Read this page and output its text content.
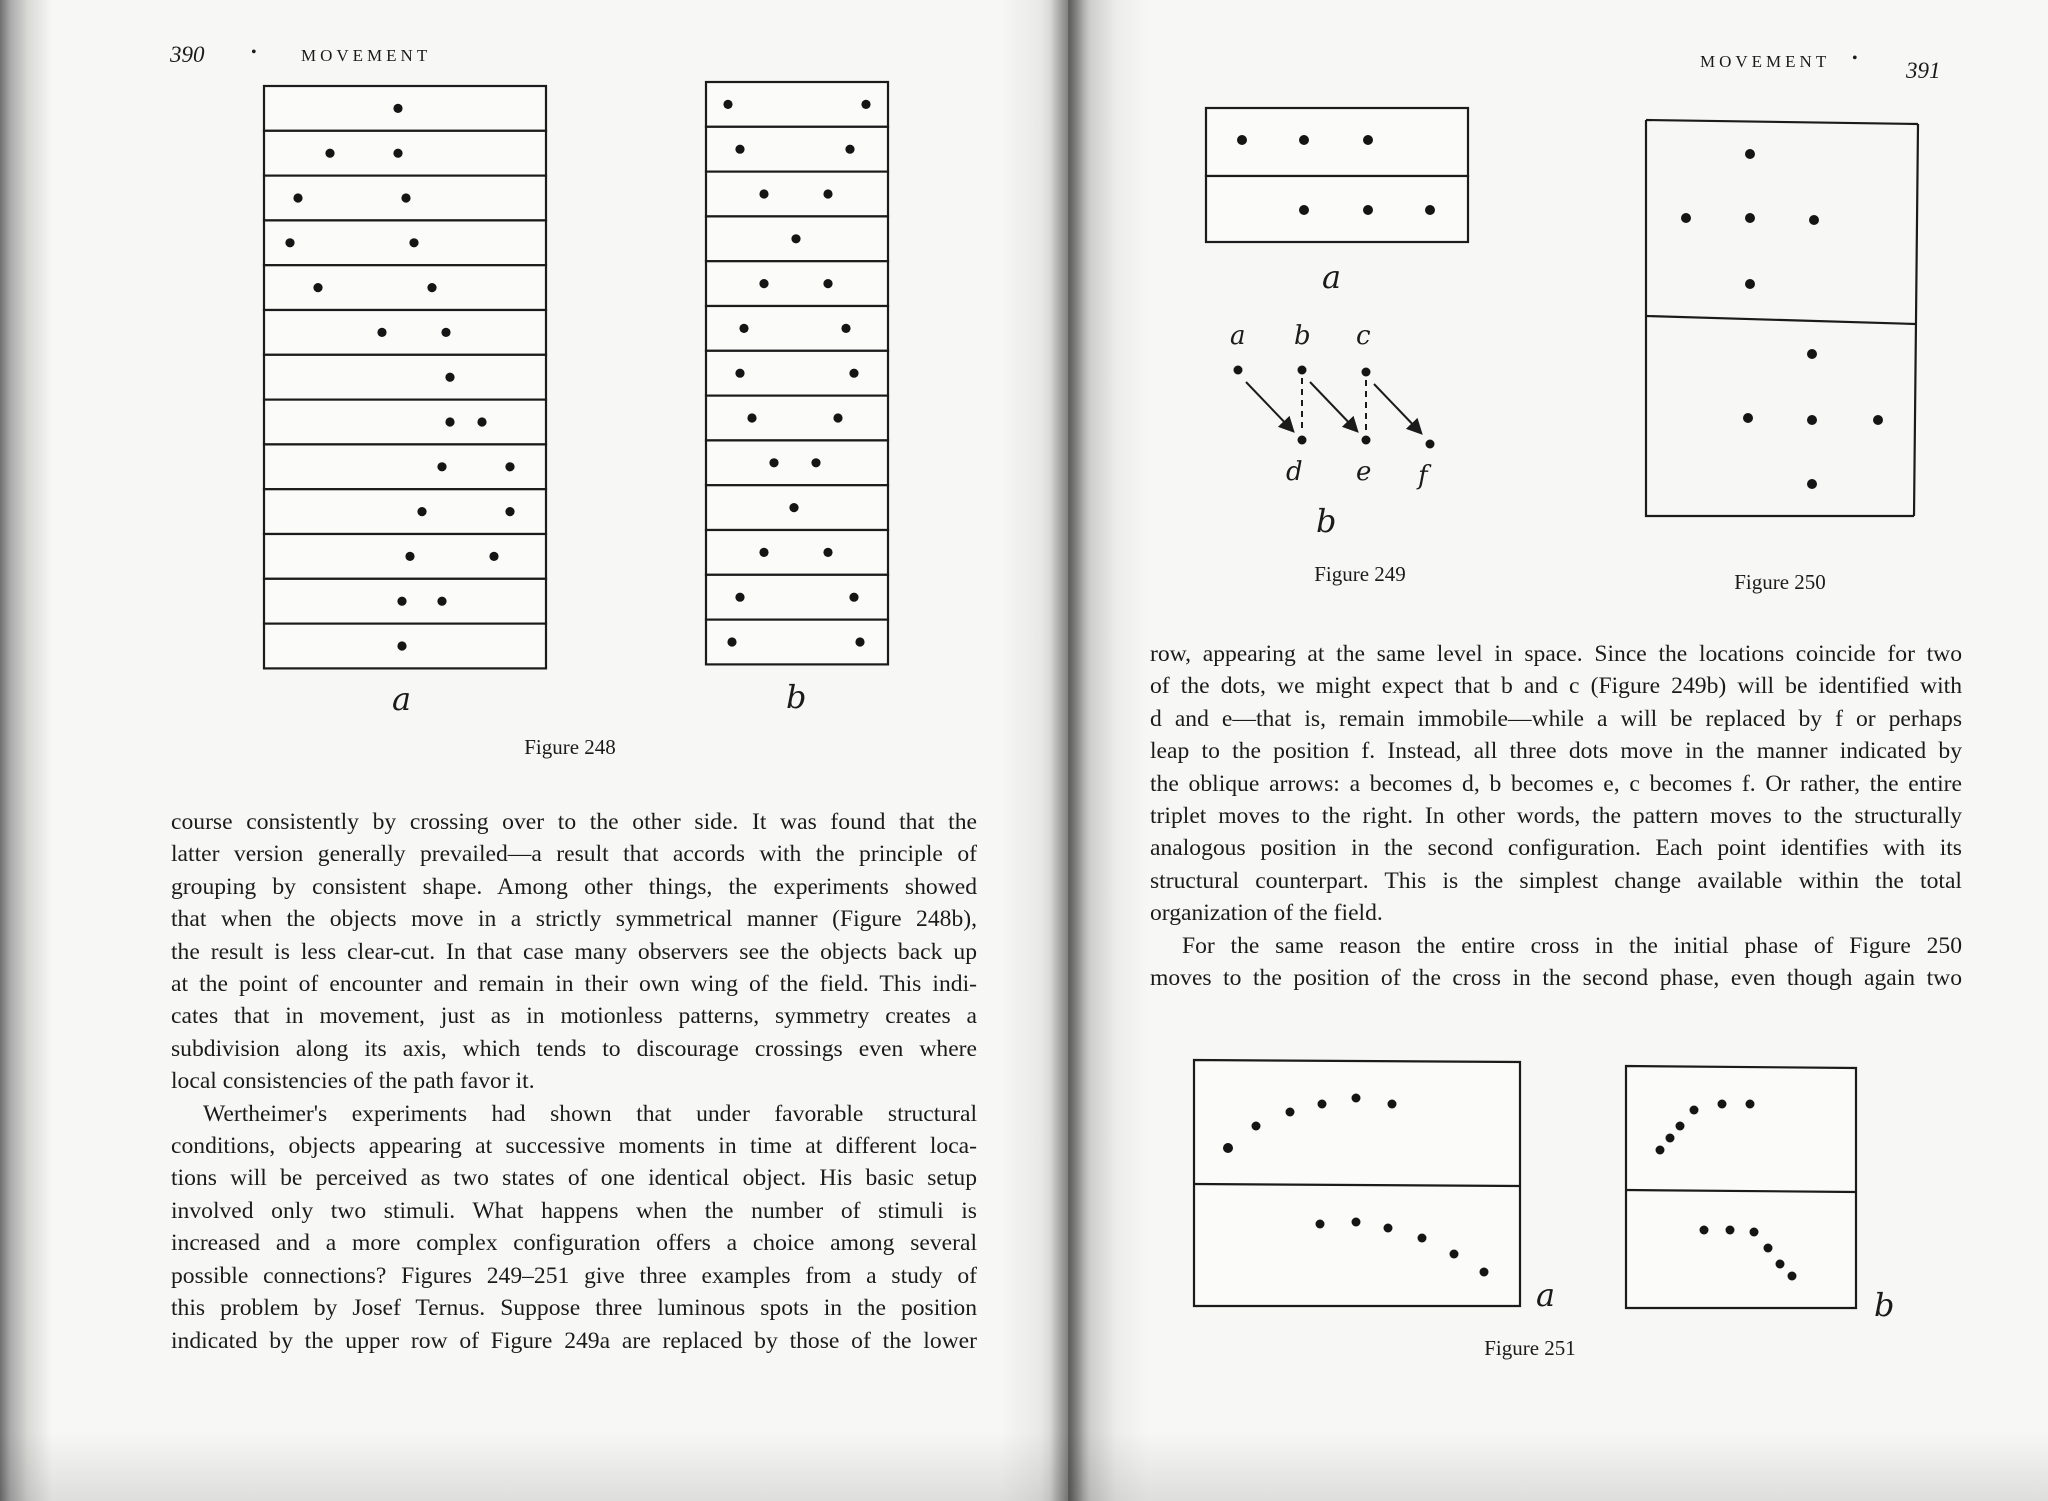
390	•	MOVEMENT
a	b
Figure 248

course consistently by crossing over to the other side. It was found that the
latter version generally prevailed—a result that accords with the principle of
grouping by consistent shape. Among other things, the experiments showed
that when the objects move in a strictly symmetrical manner (Figure 248b),
the result is less clear-cut. In that case many observers see the objects back up
at the point of encounter and remain in their own wing of the field. This indi-
cates that in movement, just as in motionless patterns, symmetry creates a
subdivision along its axis, which tends to discourage crossings even where
local consistencies of the path favor it.

Wertheimer's experiments had shown that under favorable structural
conditions, objects appearing at successive moments in time at different loca-
tions will be perceived as two states of one identical object. His basic setup
involved only two stimuli. What happens when the number of stimuli is
increased and a more complex configuration offers a choice among several
possible connections? Figures 249–251 give three examples from a study of
this problem by Josef Ternus. Suppose three luminous spots in the position
indicated by the upper row of Figure 249a are replaced by those of the lower

MOVEMENT • 391
a
a b c
d e f
b
Figure 249	Figure 250

row, appearing at the same level in space. Since the locations coincide for two
of the dots, we might expect that b and c (Figure 249b) will be identified with
d and e—that is, remain immobile—while a will be replaced by f or perhaps
leap to the position f. Instead, all three dots move in the manner indicated by
the oblique arrows: a becomes d, b becomes e, c becomes f. Or rather, the entire
triplet moves to the right. In other words, the pattern moves to the structurally
analogous position in the second configuration. Each point identifies with its
structural counterpart. This is the simplest change available within the total
organization of the field.

For the same reason the entire cross in the initial phase of Figure 250
moves to the position of the cross in the second phase, even though again two

a	b
Figure 251
